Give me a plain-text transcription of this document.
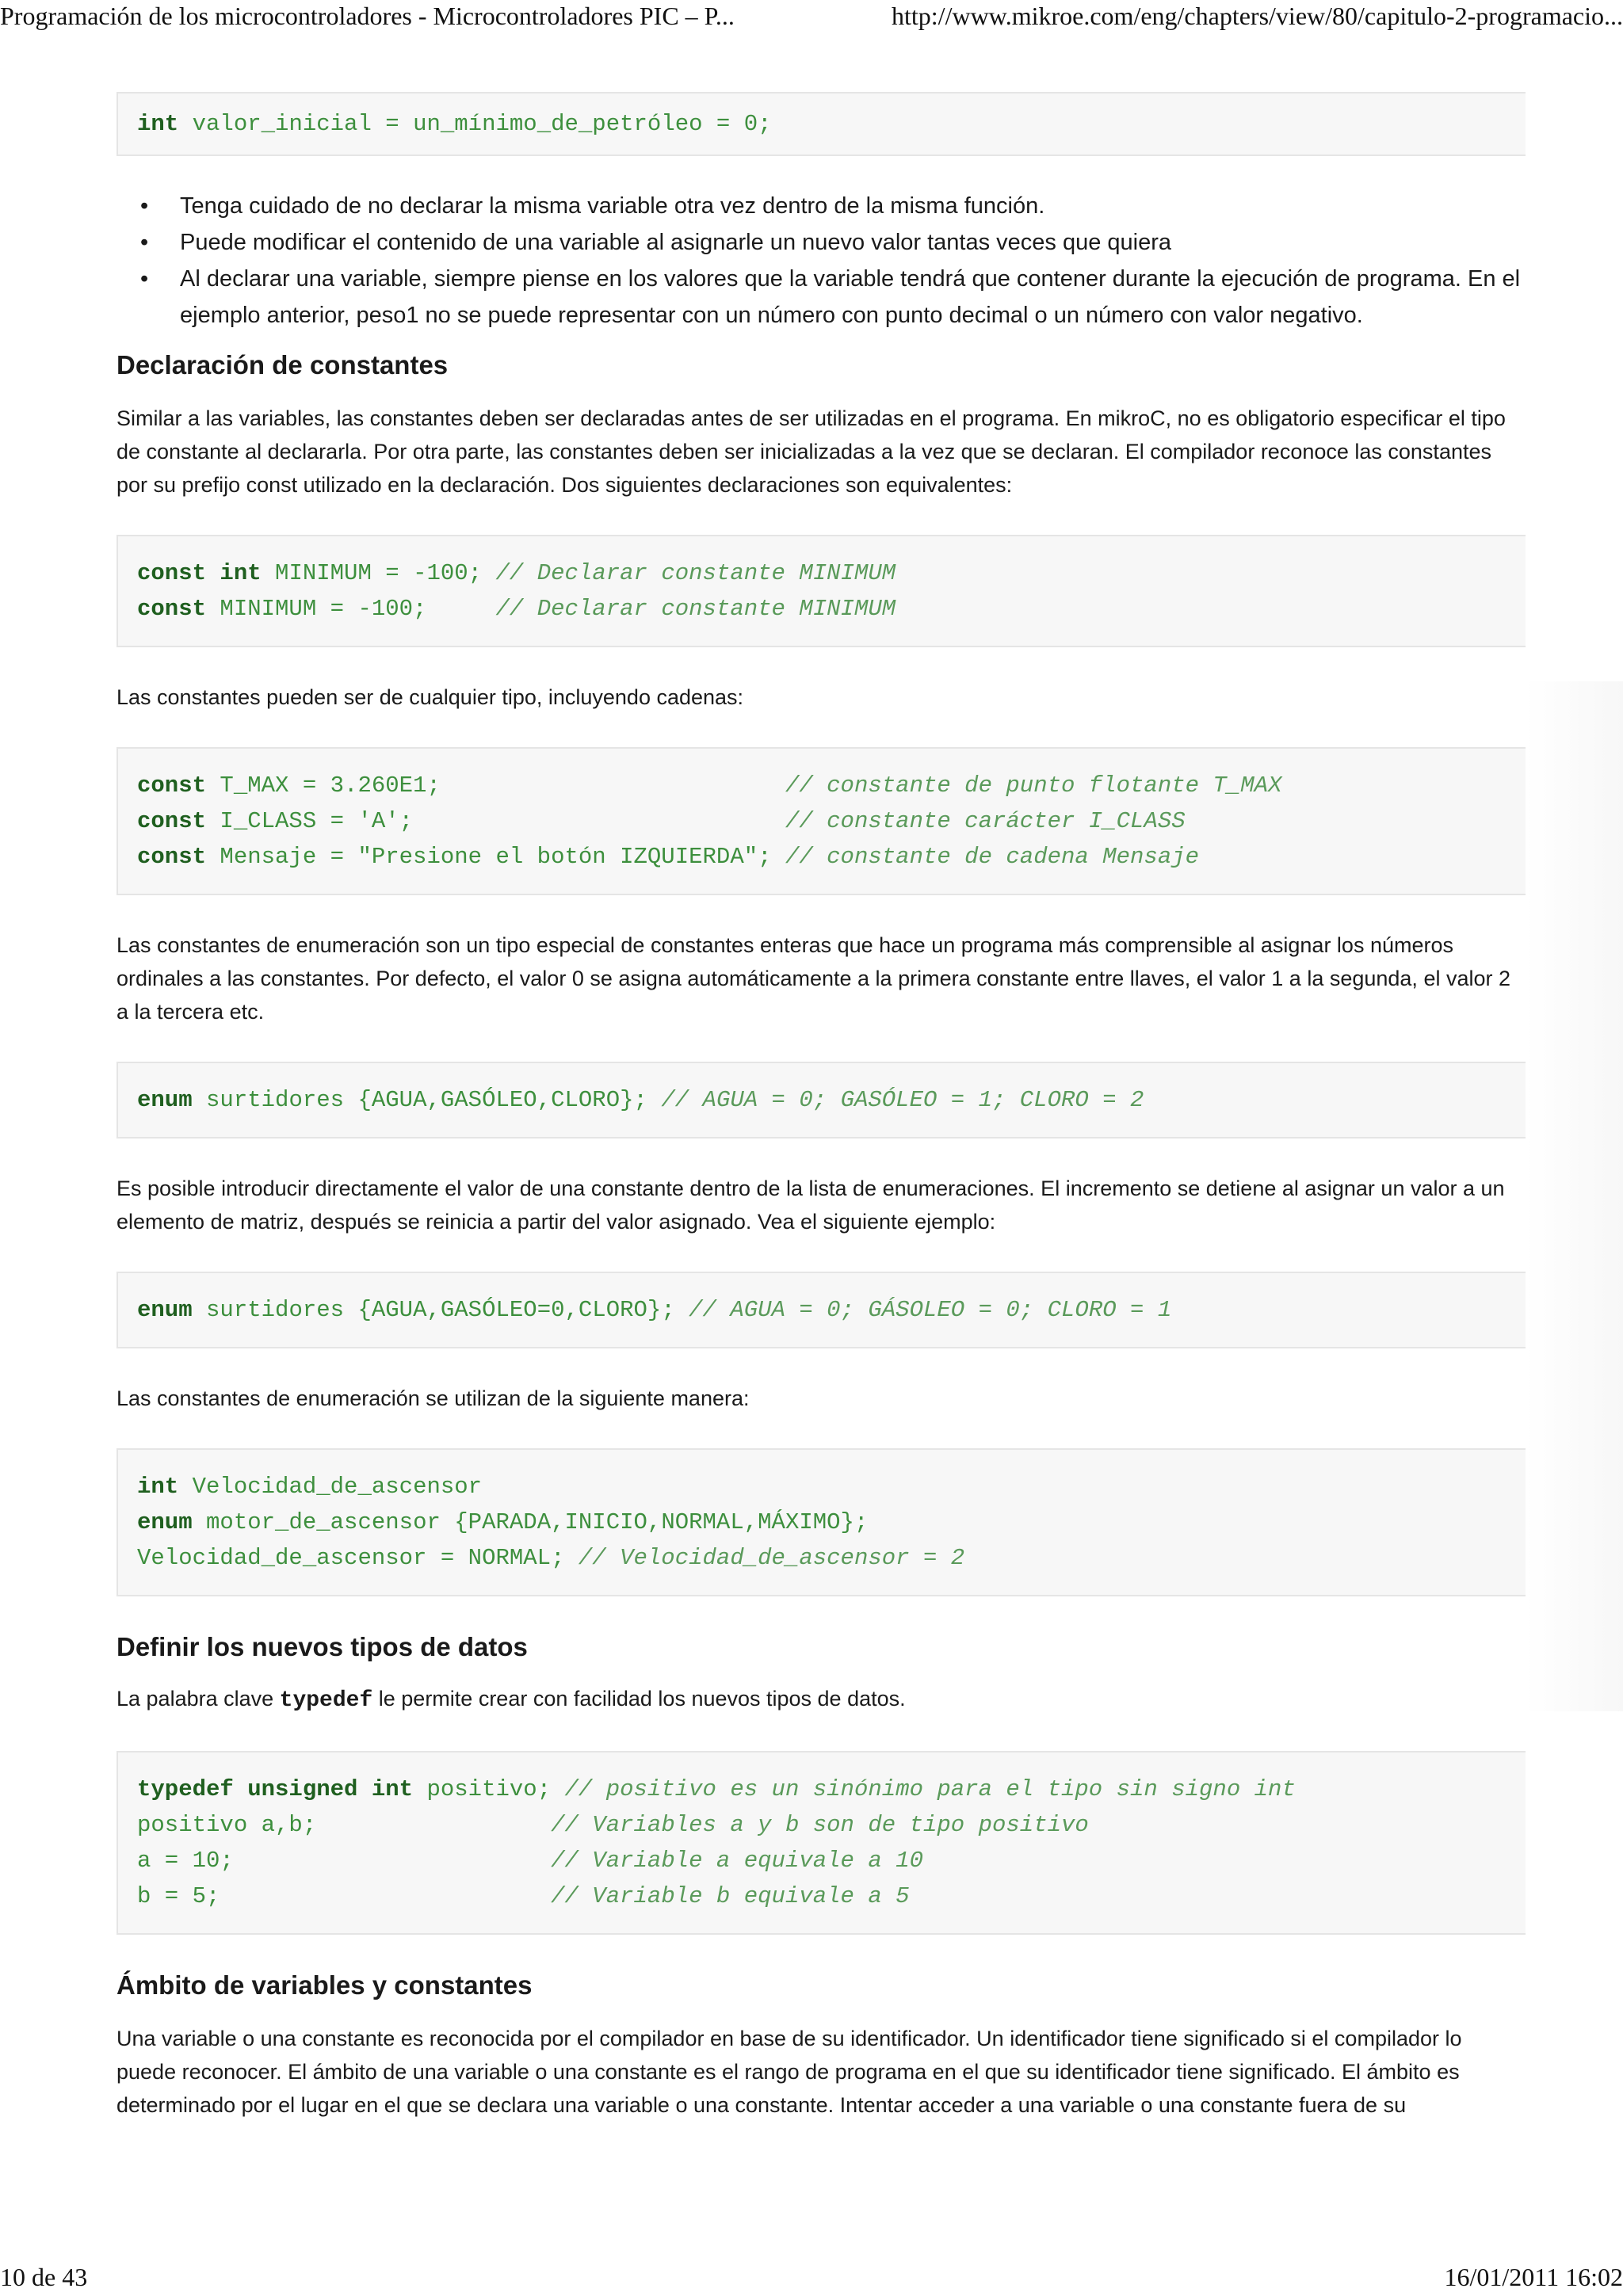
Programación de los microcontroladores - Microcontroladores PIC – P...	http://www.mikroe.com/eng/chapters/view/80/capitulo-2-programacio...
int valor_inicial = un_mínimo_de_petróleo = 0;
• Tenga cuidado de no declarar la misma variable otra vez dentro de la misma función.
• Puede modificar el contenido de una variable al asignarle un nuevo valor tantas veces que quiera
• Al declarar una variable, siempre piense en los valores que la variable tendrá que contener durante la ejecución de programa. En el ejemplo anterior, peso1 no se puede representar con un número con punto decimal o un número con valor negativo.
Declaración de constantes

Similar a las variables, las constantes deben ser declaradas antes de ser utilizadas en el programa. En mikroC, no es obligatorio especificar el tipo de constante al declararla. Por otra parte, las constantes deben ser inicializadas a la vez que se declaran. El compilador reconoce las constantes por su prefijo const utilizado en la declaración. Dos siguientes declaraciones son equivalentes:

const int MINIMUM = -100; // Declarar constante MINIMUM
const MINIMUM = -100;     // Declarar constante MINIMUM

Las constantes pueden ser de cualquier tipo, incluyendo cadenas:

const T_MAX = 3.260E1;                         // constante de punto flotante T_MAX
const I_CLASS = 'A';                           // constante carácter I_CLASS
const Mensaje = "Presione el botón IZQUIERDA"; // constante de cadena Mensaje

Las constantes de enumeración son un tipo especial de constantes enteras que hace un programa más comprensible al asignar los números ordinales a las constantes. Por defecto, el valor 0 se asigna automáticamente a la primera constante entre llaves, el valor 1 a la segunda, el valor 2 a la tercera etc.

enum surtidores {AGUA,GASÓLEO,CLORO}; // AGUA = 0; GASÓLEO = 1; CLORO = 2

Es posible introducir directamente el valor de una constante dentro de la lista de enumeraciones. El incremento se detiene al asignar un valor a un elemento de matriz, después se reinicia a partir del valor asignado. Vea el siguiente ejemplo:

enum surtidores {AGUA,GASÓLEO=0,CLORO}; // AGUA = 0; GÁSOLEO = 0; CLORO = 1

Las constantes de enumeración se utilizan de la siguiente manera:

int Velocidad_de_ascensor
enum motor_de_ascensor {PARADA,INICIO,NORMAL,MÁXIMO};
Velocidad_de_ascensor = NORMAL; // Velocidad_de_ascensor = 2
Definir los nuevos tipos de datos

La palabra clave typedef le permite crear con facilidad los nuevos tipos de datos.

typedef unsigned int positivo; // positivo es un sinónimo para el tipo sin signo int
positivo a,b;                 // Variables a y b son de tipo positivo
a = 10;                       // Variable a equivale a 10
b = 5;                        // Variable b equivale a 5
Ámbito de variables y constantes

Una variable o una constante es reconocida por el compilador en base de su identificador. Un identificador tiene significado si el compilador lo puede reconocer. El ámbito de una variable o una constante es el rango de programa en el que su identificador tiene significado. El ámbito es determinado por el lugar en el que se declara una variable o una constante. Intentar acceder a una variable o una constante fuera de su

10 de 43	16/01/2011 16:02
